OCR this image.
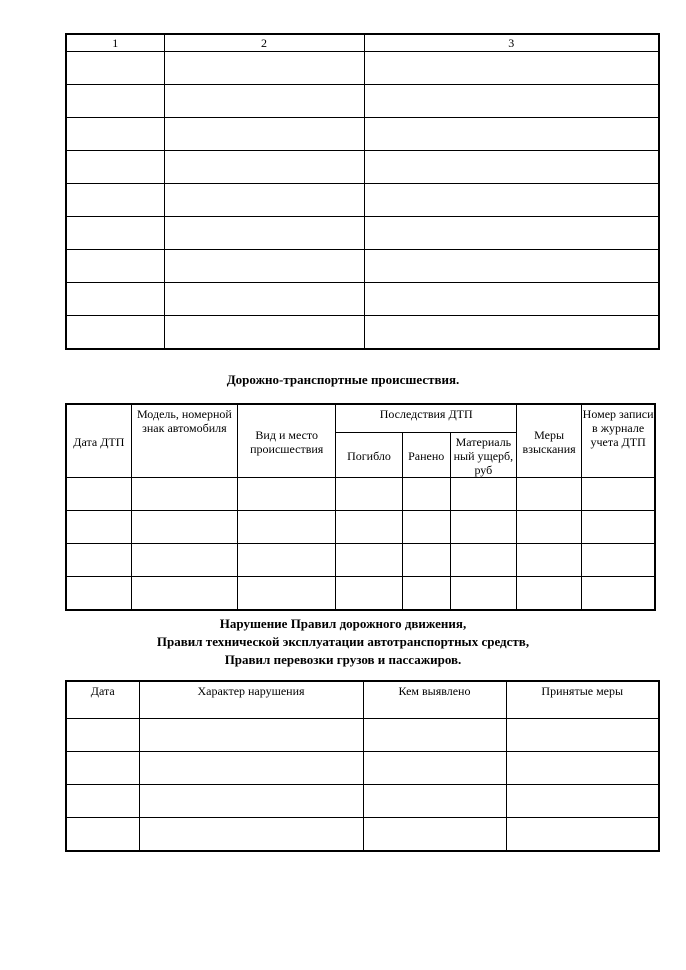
1	2	3

Дорожно-транспортные происшествия.
Дата ДТП	Модель, номерной знак автомобиля	Вид и место происшествия	Последствия ДТП			Меры взыскания	Номер записи в журнале учета ДТП
			Погибло	Ранено	Материаль ный ущерб, руб		

Нарушение Правил дорожного движения,
Правил технической эксплуатации автотранспортных средств,
Правил перевозки грузов и пассажиров.
Дата	Характер нарушения	Кем выявлено	Принятые меры
